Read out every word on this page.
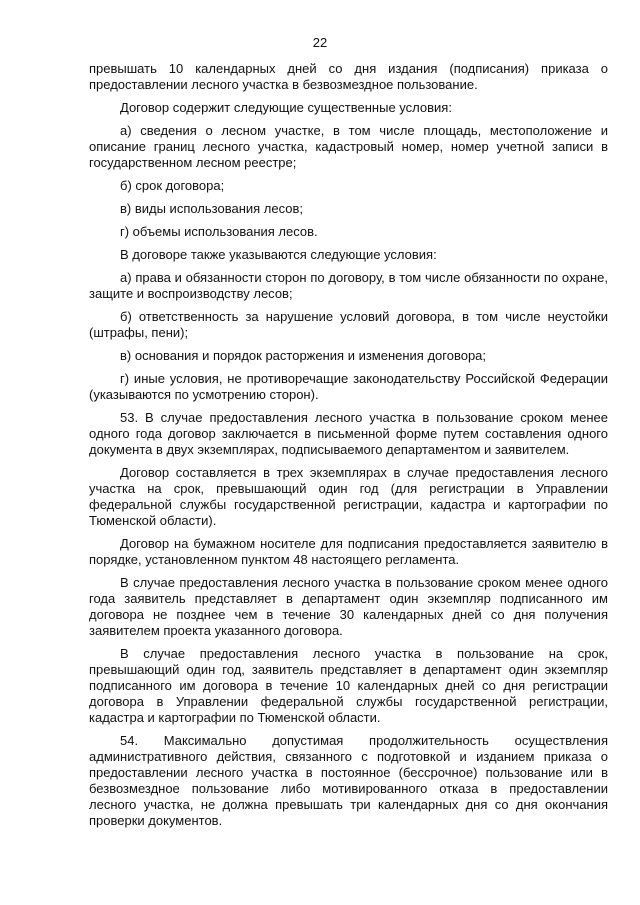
22

превышать 10 календарных дней со дня издания (подписания) приказа о предоставлении лесного участка в безвозмездное пользование.

Договор содержит следующие существенные условия:

а) сведения о лесном участке, в том числе площадь, местоположение и описание границ лесного участка, кадастровый номер, номер учетной записи в государственном лесном реестре;

б) срок договора;

в) виды использования лесов;

г) объемы использования лесов.

В договоре также указываются следующие условия:

а) права и обязанности сторон по договору, в том числе обязанности по охране, защите и воспроизводству лесов;

б) ответственность за нарушение условий договора, в том числе неустойки (штрафы, пени);

в) основания и порядок расторжения и изменения договора;

г) иные условия, не противоречащие законодательству Российской Федерации (указываются по усмотрению сторон).

53. В случае предоставления лесного участка в пользование сроком менее одного года договор заключается в письменной форме путем составления одного документа в двух экземплярах, подписываемого департаментом и заявителем.

Договор составляется в трех экземплярах в случае предоставления лесного участка на срок, превышающий один год (для регистрации в Управлении федеральной службы государственной регистрации, кадастра и картографии по Тюменской области).

Договор на бумажном носителе для подписания предоставляется заявителю в порядке, установленном пунктом 48 настоящего регламента.

В случае предоставления лесного участка в пользование сроком менее одного года заявитель представляет в департамент один экземпляр подписанного им договора не позднее чем в течение 30 календарных дней со дня получения заявителем проекта указанного договора.

В случае предоставления лесного участка в пользование на срок, превышающий один год, заявитель представляет в департамент один экземпляр подписанного им договора в течение 10 календарных дней со дня регистрации договора в Управлении федеральной службы государственной регистрации, кадастра и картографии по Тюменской области.

54. Максимально допустимая продолжительность осуществления административного действия, связанного с подготовкой и изданием приказа о предоставлении лесного участка в постоянное (бессрочное) пользование или в безвозмездное пользование либо мотивированного отказа в предоставлении лесного участка, не должна превышать три календарных дня со дня окончания проверки документов.
